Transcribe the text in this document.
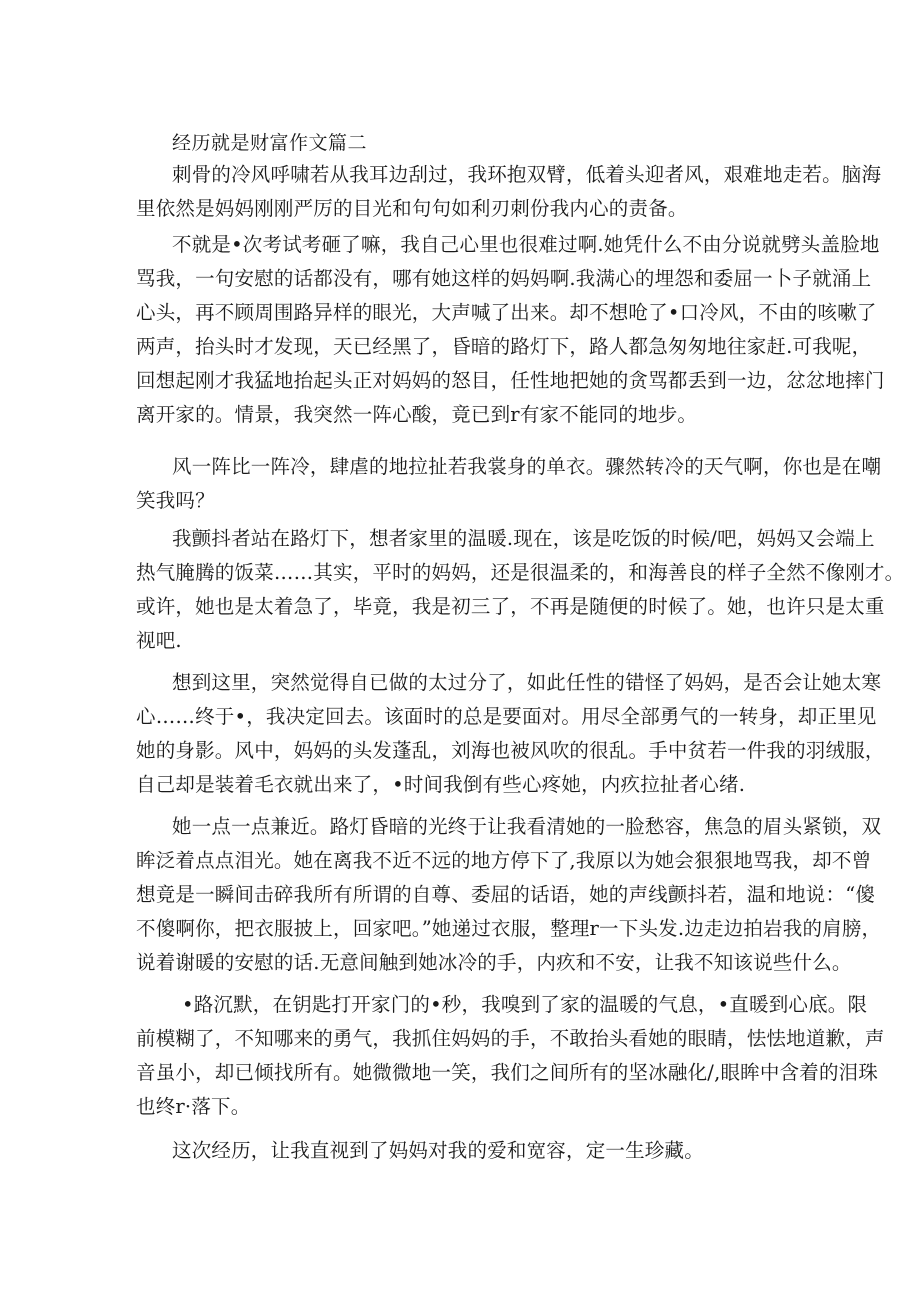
经历就是财富作文篇二
刺骨的冷风呼啸若从我耳边刮过，我环抱双臂，低着头迎者风，艰难地走若。脑海
里依然是妈妈刚刚严厉的目光和句句如利刃刺份我内心的责备。
不就是•次考试考砸了嘛，我自己心里也很难过啊.她凭什么不由分说就劈头盖脸地
骂我，一句安慰的话都没有，哪有她这样的妈妈啊.我满心的埋怨和委屈一卜子就涌上
心头，再不顾周围路异样的眼光，大声喊了出来。却不想呛了•口冷风，不由的咳嗽了
两声，抬头时才发现，天已经黑了，昏暗的路灯下，路人都急匆匆地往家赶.可我呢，
回想起刚才我猛地抬起头正对妈妈的怒目，任性地把她的贪骂都丢到一边，忿忿地摔门
离开家的。情景，我突然一阵心酸，竟已到r有家不能同的地步。
风一阵比一阵冷，肆虐的地拉扯若我裳身的单衣。骤然转冷的天气啊，你也是在嘲
笑我吗？
我颤抖者站在路灯下，想者家里的温暖.现在，该是吃饭的时候/吧，妈妈又会端上
热气腌腾的饭菜……其实，平时的妈妈，还是很温柔的，和海善良的样子全然不像刚才。
或许，她也是太着急了，毕竟，我是初三了，不再是随便的时候了。她，也许只是太重
视吧.
想到这里，突然觉得自已做的太过分了，如此任性的错怪了妈妈，是否会让她太寒
心……终于•，我决定回去。该面时的总是要面对。用尽全部勇气的一转身，却正里见
她的身影。风中，妈妈的头发蓬乱，刘海也被风吹的很乱。手中贫若一件我的羽绒服，
自己却是装着毛衣就出来了，•时间我倒有些心疼她，内疚拉扯者心绪.
她一点一点兼近。路灯昏暗的光终于让我看清她的一脸愁容，焦急的眉头紧锁，双
眸泛着点点泪光。她在离我不近不远的地方停下了,我原以为她会狠狠地骂我，却不曾
想竟是一瞬间击碎我所有所谓的自尊、委屈的话语，她的声线颤抖若，温和地说：“傻
不傻啊你，把衣服披上，回家吧。”她递过衣服，整理r一下头发.边走边拍岩我的肩膀，
说着谢暖的安慰的话.无意间触到她冰冷的手，内疚和不安，让我不知该说些什么。
•路沉默，在钥匙打开家门的•秒，我嗅到了家的温暖的气息，•直暖到心底。限
前模糊了，不知哪来的勇气，我抓住妈妈的手，不敢抬头看她的眼睛，怯怯地道歉，声
音虽小，却已倾找所有。她微微地一笑，我们之间所有的坚冰融化/,眼眸中含着的泪珠
也终r·落下。
这次经历，让我直视到了妈妈对我的爱和宽容，定一生珍藏。
